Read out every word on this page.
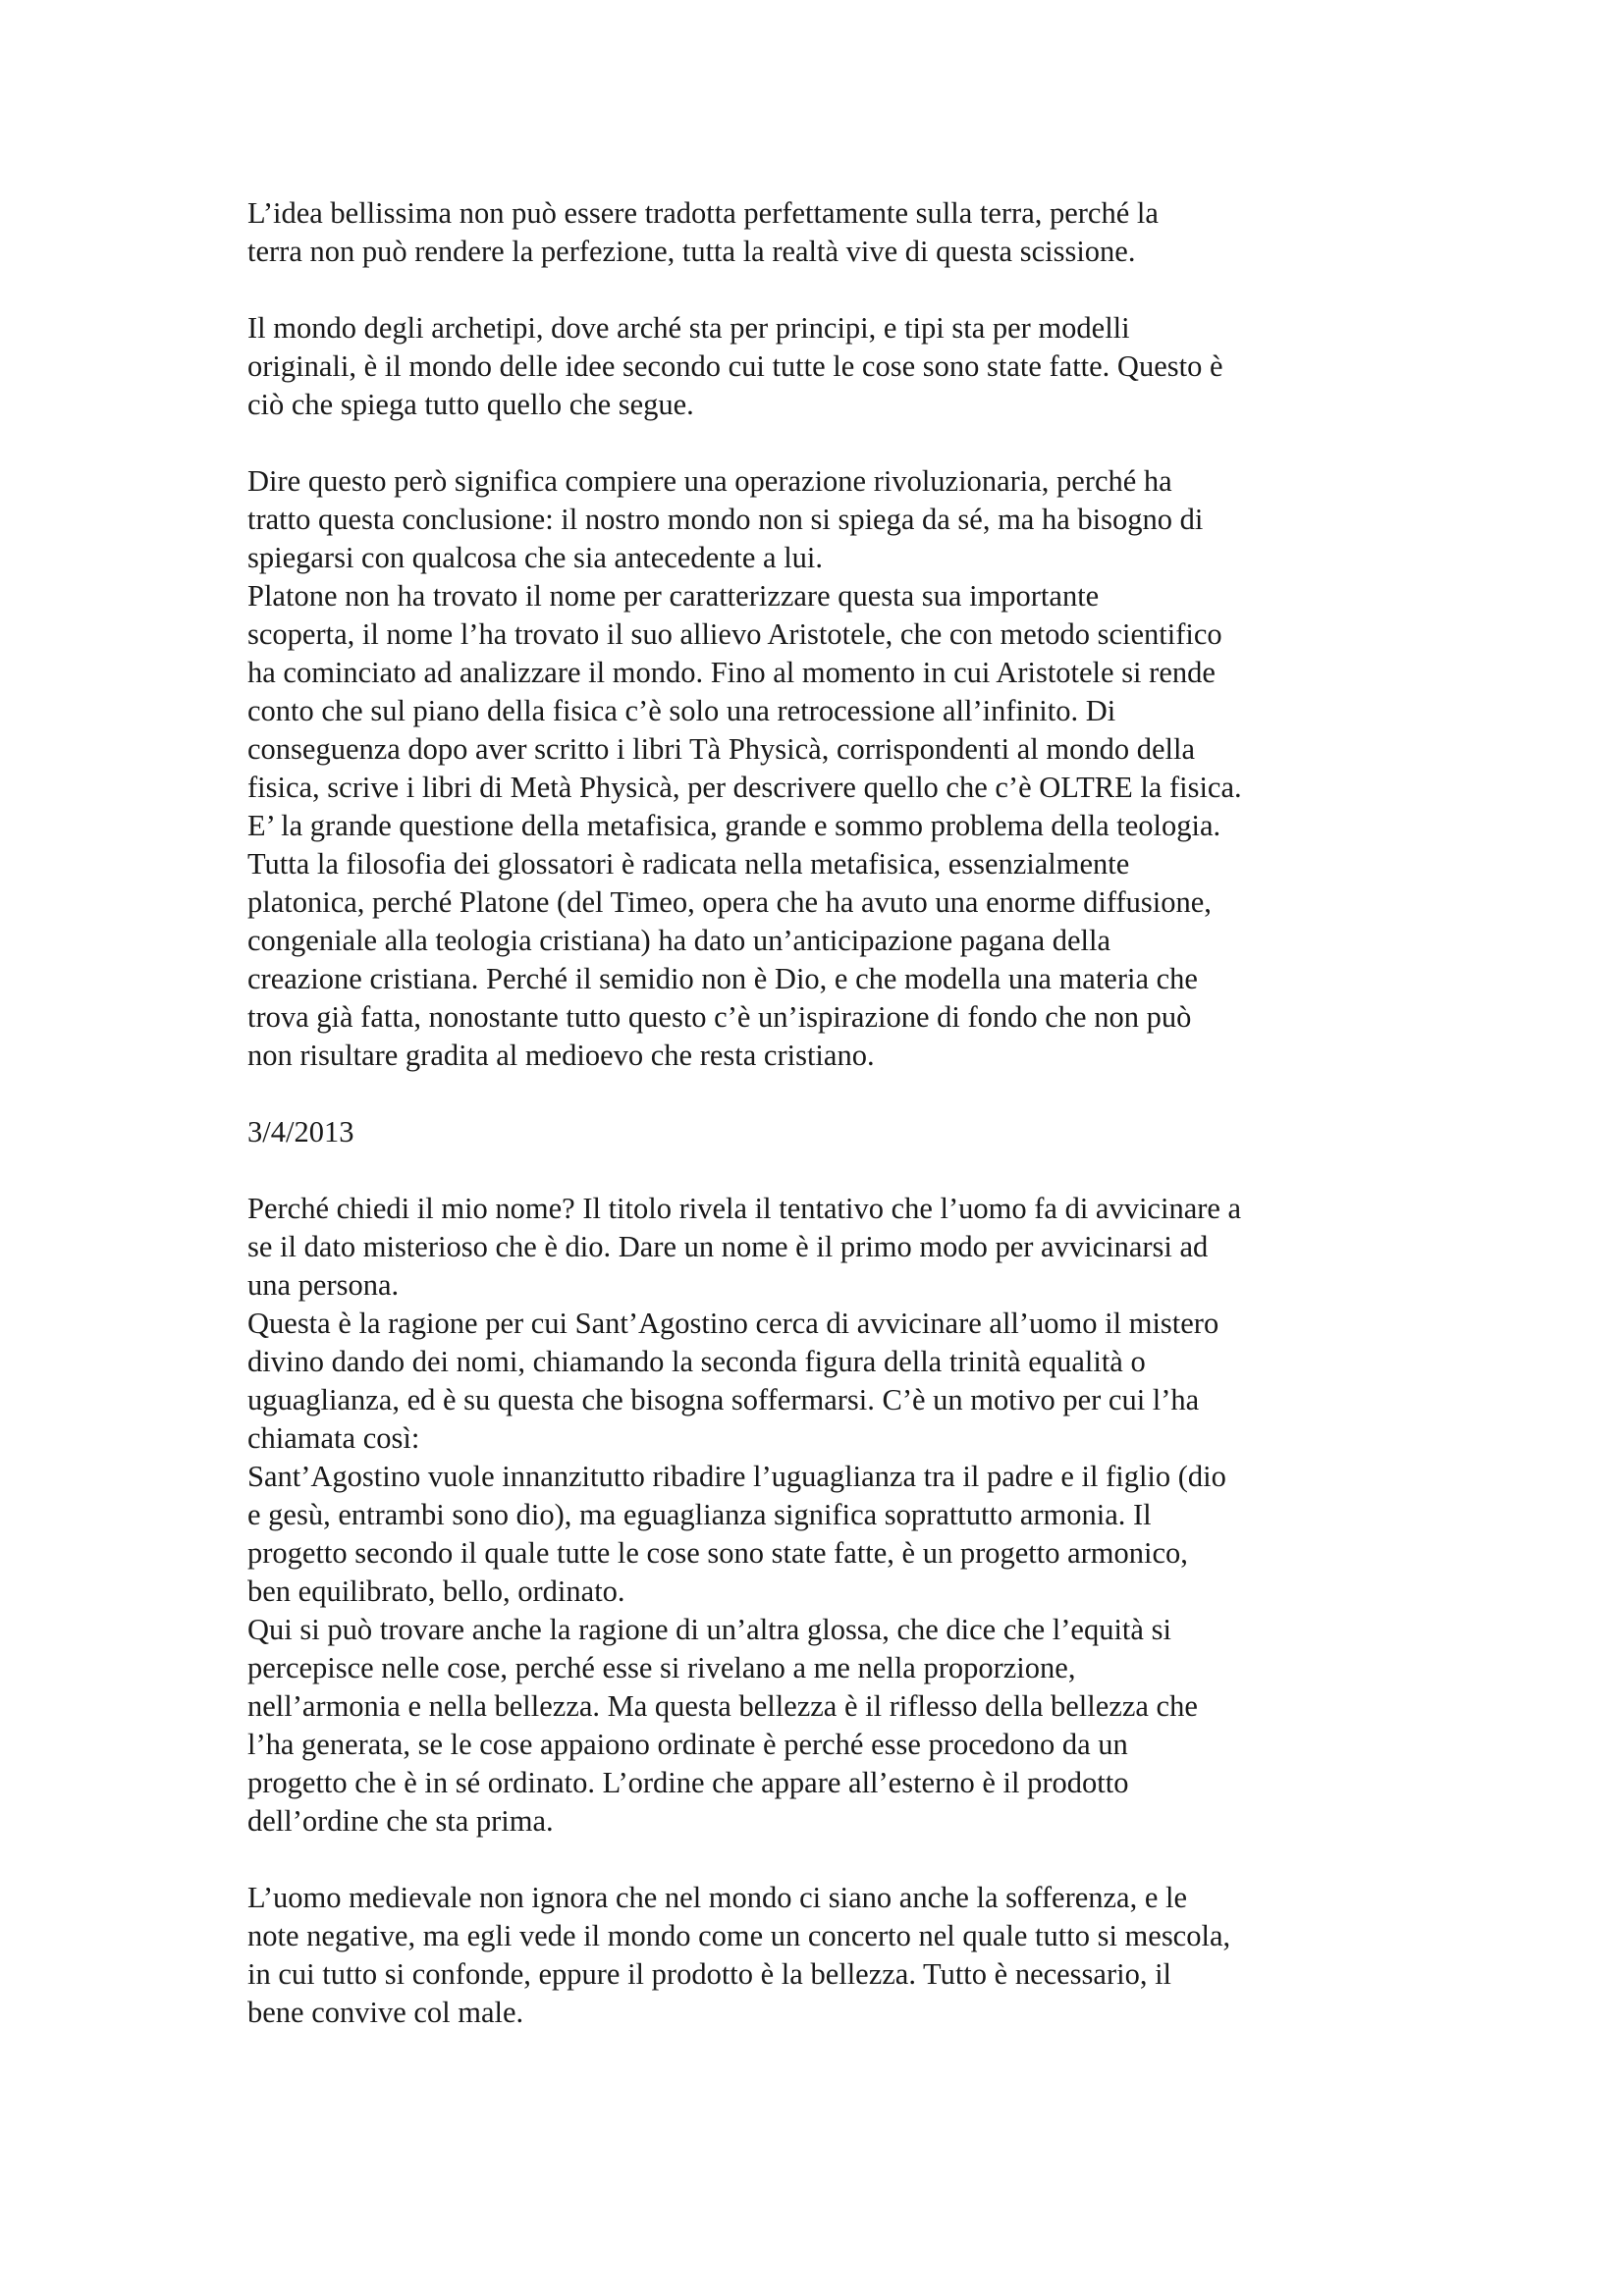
L’idea bellissima non può essere tradotta perfettamente sulla terra, perché la
terra non può rendere la perfezione, tutta la realtà vive di questa scissione.

Il mondo degli archetipi, dove arché sta per principi, e tipi sta per modelli
originali, è il mondo delle idee secondo cui tutte le cose sono state fatte. Questo è
ciò che spiega tutto quello che segue.

Dire questo però significa compiere una operazione rivoluzionaria, perché ha
tratto questa conclusione: il nostro mondo non si spiega da sé, ma ha bisogno di
spiegarsi con qualcosa che sia antecedente a lui.

Platone non ha trovato il nome per caratterizzare questa sua importante
scoperta, il nome l’ha trovato il suo allievo Aristotele, che con metodo scientifico
ha cominciato ad analizzare il mondo. Fino al momento in cui Aristotele si rende
conto che sul piano della fisica c’è solo una retrocessione all’infinito. Di
conseguenza dopo aver scritto i libri Tà Physicà, corrispondenti al mondo della
fisica, scrive i libri di Metà Physicà, per descrivere quello che c’è OLTRE la fisica.

E’ la grande questione della metafisica, grande e sommo problema della teologia.

Tutta la filosofia dei glossatori è radicata nella metafisica, essenzialmente
platonica, perché Platone (del Timeo, opera che ha avuto una enorme diffusione,
congeniale alla teologia cristiana) ha dato un’anticipazione pagana della
creazione cristiana. Perché il semidio non è Dio, e che modella una materia che
trova già fatta, nonostante tutto questo c’è un’ispirazione di fondo che non può
non risultare gradita al medioevo che resta cristiano.

3/4/2013

Perché chiedi il mio nome? Il titolo rivela il tentativo che l’uomo fa di avvicinare a
se il dato misterioso che è dio. Dare un nome è il primo modo per avvicinarsi ad
una persona.

Questa è la ragione per cui Sant’Agostino cerca di avvicinare all’uomo il mistero
divino dando dei nomi, chiamando la seconda figura della trinità equalità o
uguaglianza, ed è su questa che bisogna soffermarsi. C’è un motivo per cui l’ha
chiamata così:

Sant’Agostino vuole innanzitutto ribadire l’uguaglianza tra il padre e il figlio (dio
e gesù, entrambi sono dio), ma eguaglianza significa soprattutto armonia. Il
progetto secondo il quale tutte le cose sono state fatte, è un progetto armonico,
ben equilibrato, bello, ordinato.

Qui si può trovare anche la ragione di un’altra glossa, che dice che l’equità si
percepisce nelle cose, perché esse si rivelano a me nella proporzione,
nell’armonia e nella bellezza. Ma questa bellezza è il riflesso della bellezza che
l’ha generata, se le cose appaiono ordinate è perché esse procedono da un
progetto che è in sé ordinato. L’ordine che appare all’esterno è il prodotto
dell’ordine che sta prima.

L’uomo medievale non ignora che nel mondo ci siano anche la sofferenza, e le
note negative, ma egli vede il mondo come un concerto nel quale tutto si mescola,
in cui tutto si confonde, eppure il prodotto è la bellezza. Tutto è necessario, il
bene convive col male.
